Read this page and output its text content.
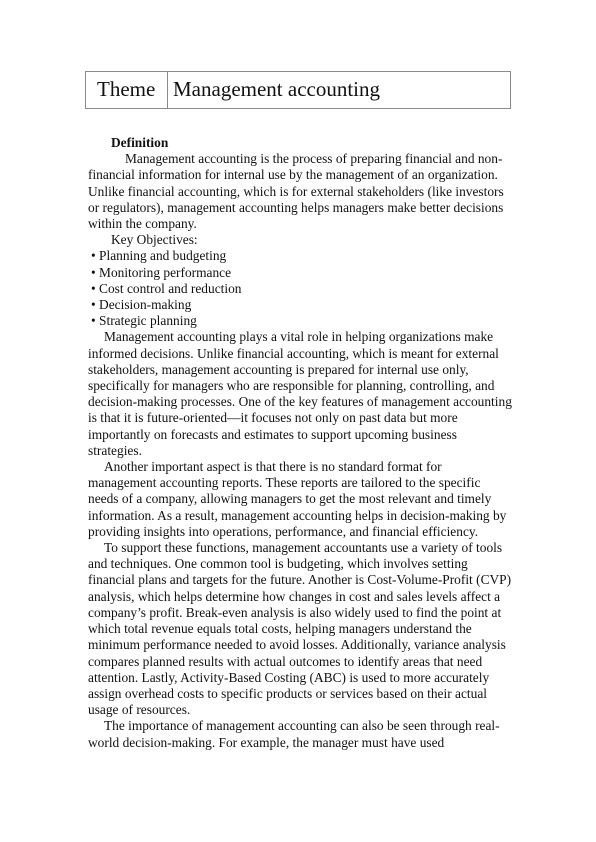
Theme Management accounting

Definition

Management accounting is the process of preparing financial and non-financial information for internal use by the management of an organization. Unlike financial accounting, which is for external stakeholders (like investors or regulators), management accounting helps managers make better decisions within the company.

Key Objectives:

• Planning and budgeting
• Monitoring performance
• Cost control and reduction
• Decision-making
• Strategic planning

Management accounting plays a vital role in helping organizations make informed decisions. Unlike financial accounting, which is meant for external stakeholders, management accounting is prepared for internal use only, specifically for managers who are responsible for planning, controlling, and decision-making processes. One of the key features of management accounting is that it is future-oriented—it focuses not only on past data but more importantly on forecasts and estimates to support upcoming business strategies.

Another important aspect is that there is no standard format for management accounting reports. These reports are tailored to the specific needs of a company, allowing managers to get the most relevant and timely information. As a result, management accounting helps in decision-making by providing insights into operations, performance, and financial efficiency.

To support these functions, management accountants use a variety of tools and techniques. One common tool is budgeting, which involves setting financial plans and targets for the future. Another is Cost-Volume-Profit (CVP) analysis, which helps determine how changes in cost and sales levels affect a company’s profit. Break-even analysis is also widely used to find the point at which total revenue equals total costs, helping managers understand the minimum performance needed to avoid losses. Additionally, variance analysis compares planned results with actual outcomes to identify areas that need attention. Lastly, Activity-Based Costing (ABC) is used to more accurately assign overhead costs to specific products or services based on their actual usage of resources.

The importance of management accounting can also be seen through real-world decision-making. For example, the manager must have used
